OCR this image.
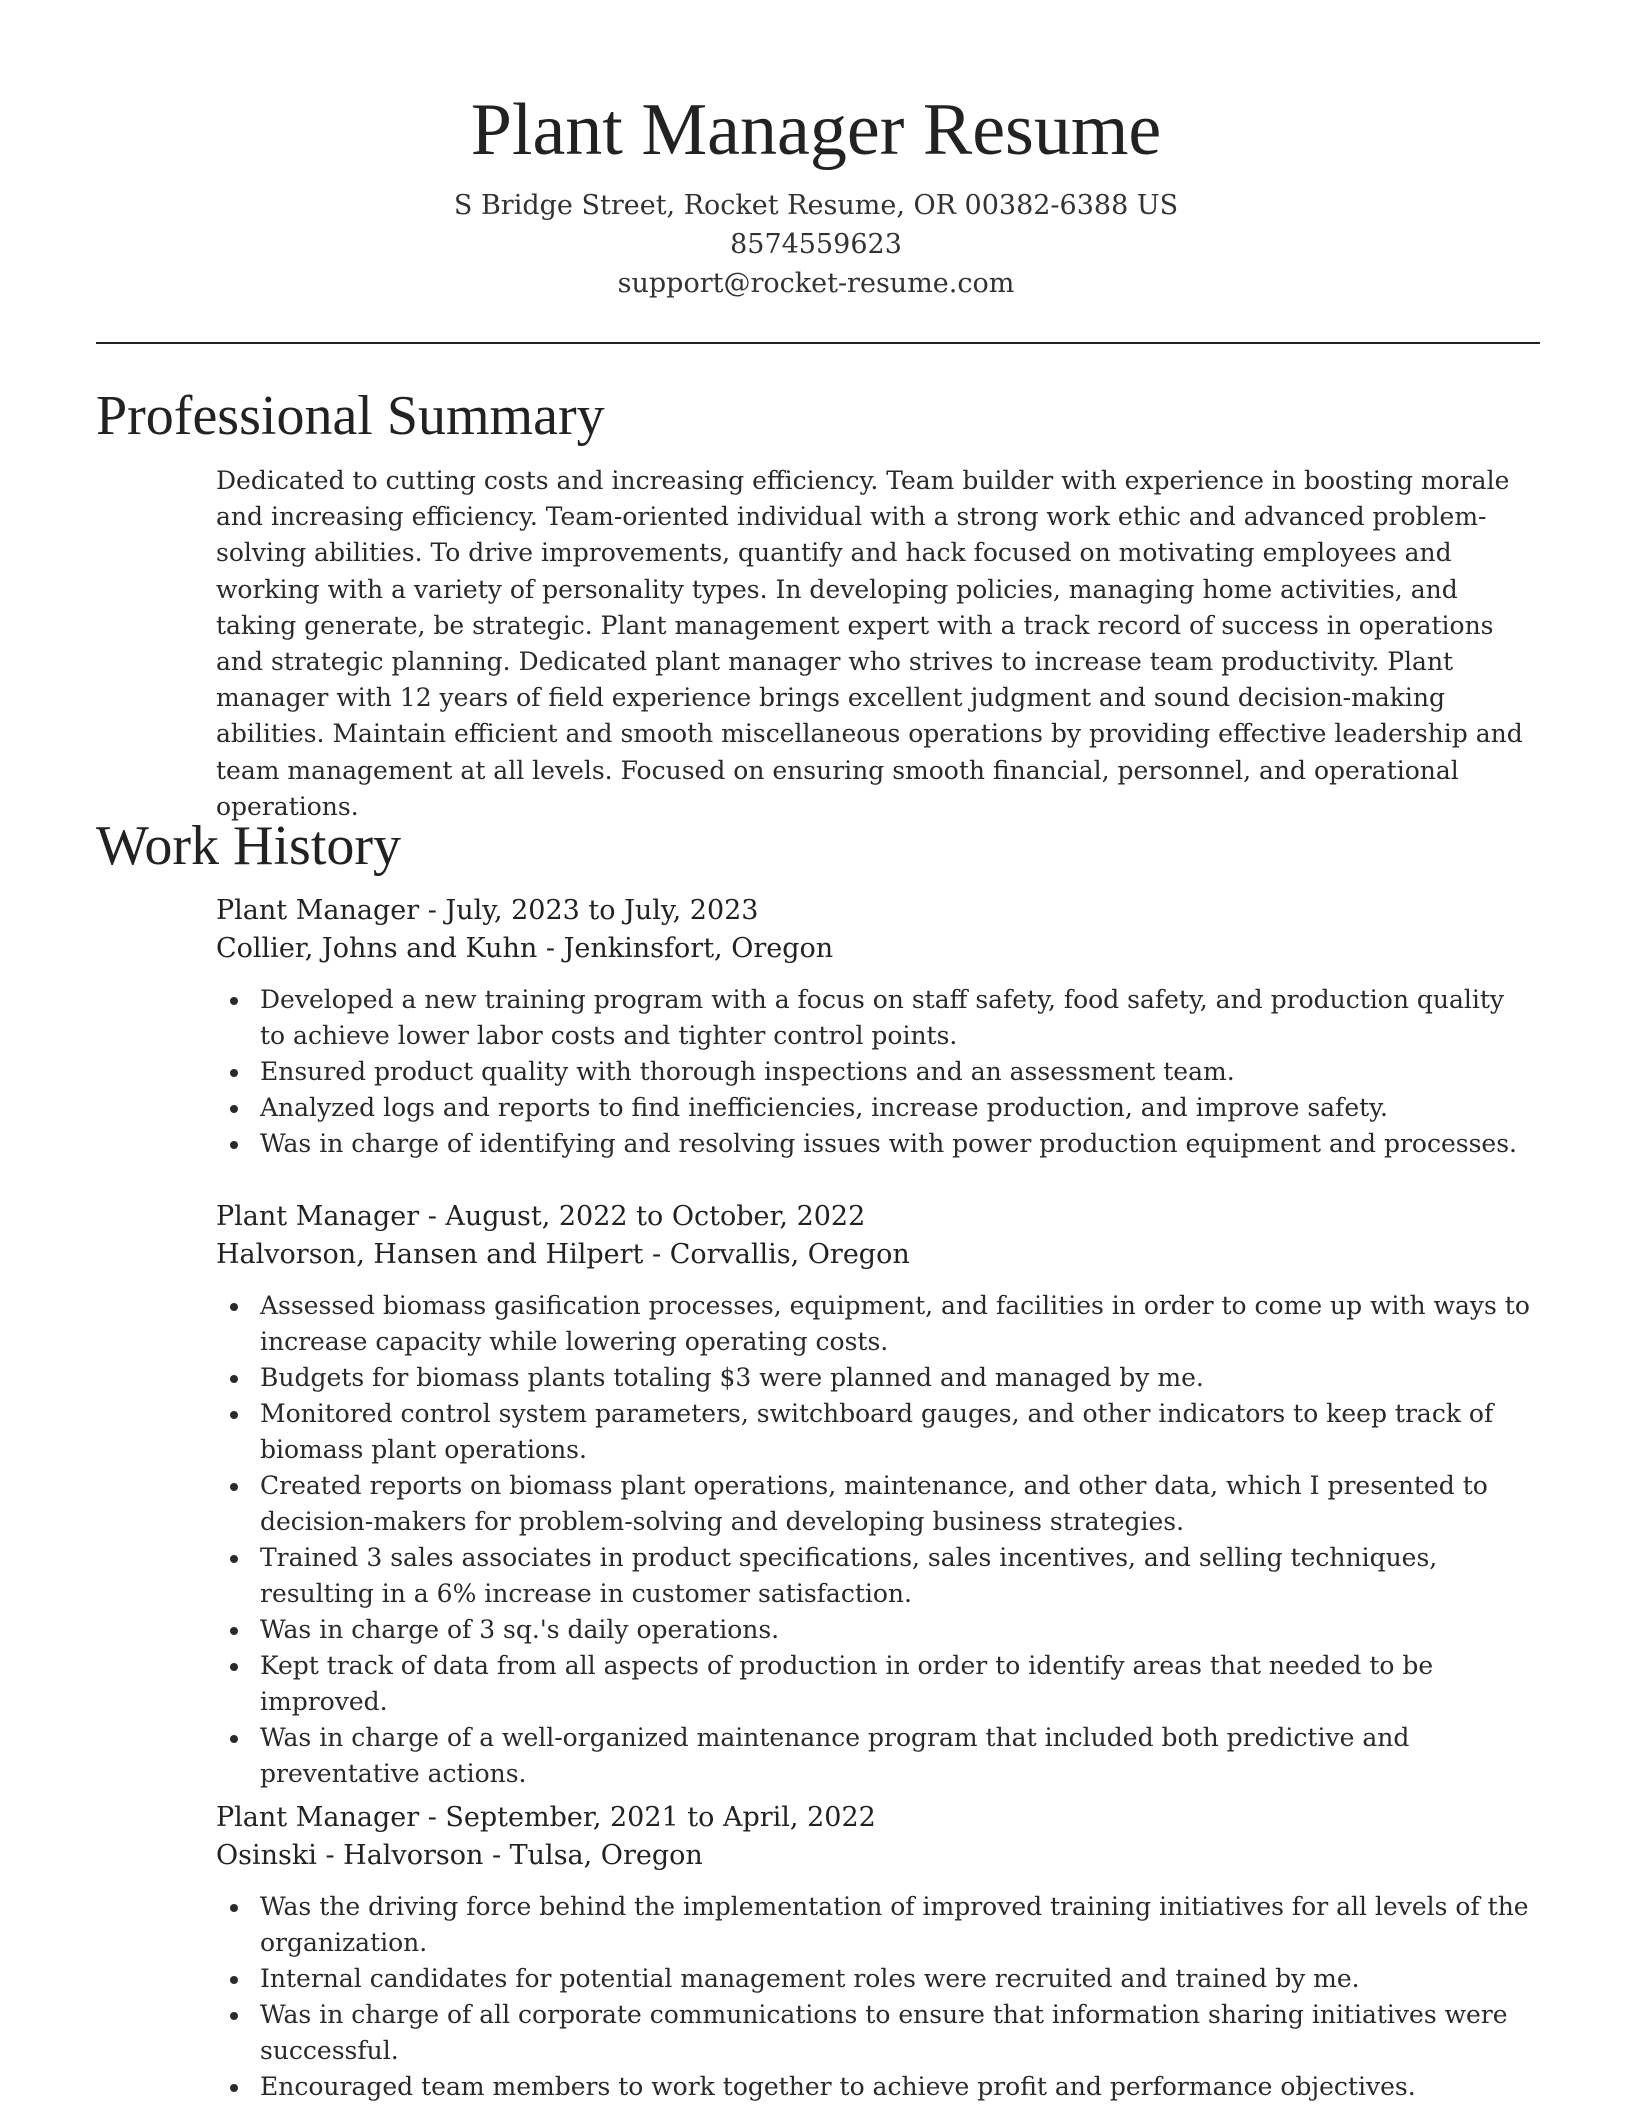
Plant Manager Resume
S Bridge Street, Rocket Resume, OR 00382-6388 US
8574559623
support@rocket-resume.com
Professional Summary

Dedicated to cutting costs and increasing efficiency. Team builder with experience in boosting morale and increasing efficiency. Team-oriented individual with a strong work ethic and advanced problem-solving abilities. To drive improvements, quantify and hack focused on motivating employees and working with a variety of personality types. In developing policies, managing home activities, and taking generate, be strategic. Plant management expert with a track record of success in operations and strategic planning. Dedicated plant manager who strives to increase team productivity. Plant manager with 12 years of field experience brings excellent judgment and sound decision-making abilities. Maintain efficient and smooth miscellaneous operations by providing effective leadership and team management at all levels. Focused on ensuring smooth financial, personnel, and operational operations.

Work History
Plant Manager - July, 2023 to July, 2023
Collier, Johns and Kuhn - Jenkinsfort, Oregon
Developed a new training program with a focus on staff safety, food safety, and production quality to achieve lower labor costs and tighter control points.
Ensured product quality with thorough inspections and an assessment team.
Analyzed logs and reports to find inefficiencies, increase production, and improve safety.
Was in charge of identifying and resolving issues with power production equipment and processes.
Plant Manager - August, 2022 to October, 2022
Halvorson, Hansen and Hilpert - Corvallis, Oregon
Assessed biomass gasification processes, equipment, and facilities in order to come up with ways to increase capacity while lowering operating costs.
Budgets for biomass plants totaling $3 were planned and managed by me.
Monitored control system parameters, switchboard gauges, and other indicators to keep track of biomass plant operations.
Created reports on biomass plant operations, maintenance, and other data, which I presented to decision-makers for problem-solving and developing business strategies.
Trained 3 sales associates in product specifications, sales incentives, and selling techniques, resulting in a 6% increase in customer satisfaction.
Was in charge of 3 sq.'s daily operations.
Kept track of data from all aspects of production in order to identify areas that needed to be improved.
Was in charge of a well-organized maintenance program that included both predictive and preventative actions.
Plant Manager - September, 2021 to April, 2022
Osinski - Halvorson - Tulsa, Oregon
Was the driving force behind the implementation of improved training initiatives for all levels of the organization.
Internal candidates for potential management roles were recruited and trained by me.
Was in charge of all corporate communications to ensure that information sharing initiatives were successful.
Encouraged team members to work together to achieve profit and performance objectives.
